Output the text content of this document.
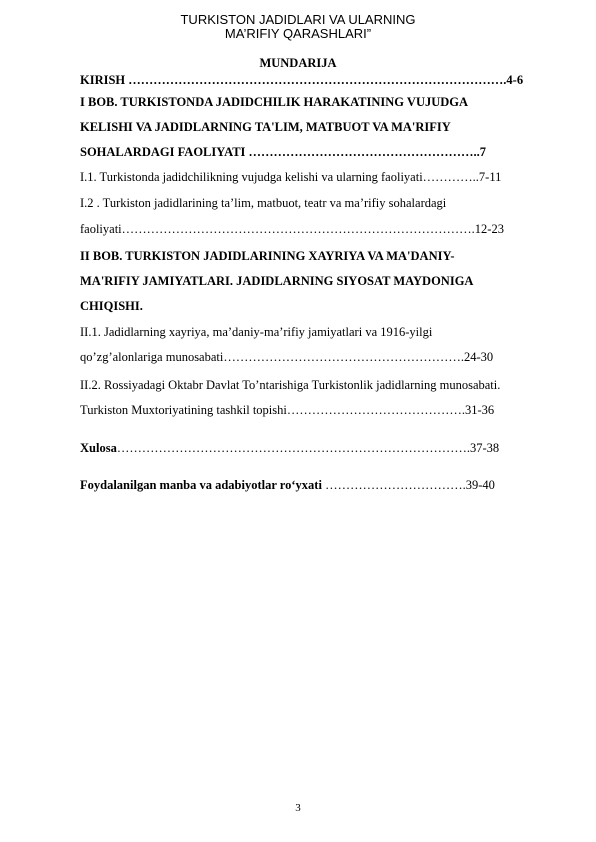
TURKISTON JADIDLARI VA ULARNING
MA’RIFIY QARASHLARI”
MUNDARIJA
KIRISH ……………………………………………………………………………….4-6
I BOB. TURKISTONDA JADIDCHILIK HARAKATINING VUJUDGA
KELISHI VA JADIDLARNING TA'LIM, MATBUOT VA MA'RIFIY
SOHALARDAGI FAOLIYATI ………………………………………………..7
I.1. Turkistonda jadidchilikning vujudga kelishi va ularning faoliyati…………..7-11
I.2 . Turkiston jadidlarining ta’lim, matbuot, teatr va ma’rifiy sohalardagi
faoliyati………………………………………………………………………….12-23
II BOB. TURKISTON JADIDLARINING XAYRIYA VA MA'DANIY-
MA'RIFIY JAMIYATLARI. JADIDLARNING SIYOSAT MAYDONIGA
CHIQISHI.
II.1. Jadidlarning xayriya, ma’daniy-ma’rifiy jamiyatlari va 1916-yilgi
qo’zg’alonlariga munosabati………………………………………………….24-30
II.2. Rossiyadagi Oktabr Davlat To’ntarishiga Turkistonlik jadidlarning munosabati.
Turkiston Muxtoriyatining tashkil topishi…………………………………….31-36
Xulosa………………………………………………………………………….37-38
Foydalanilgan manba va adabiyotlar ro‘yxati …………………………….39-40
3
